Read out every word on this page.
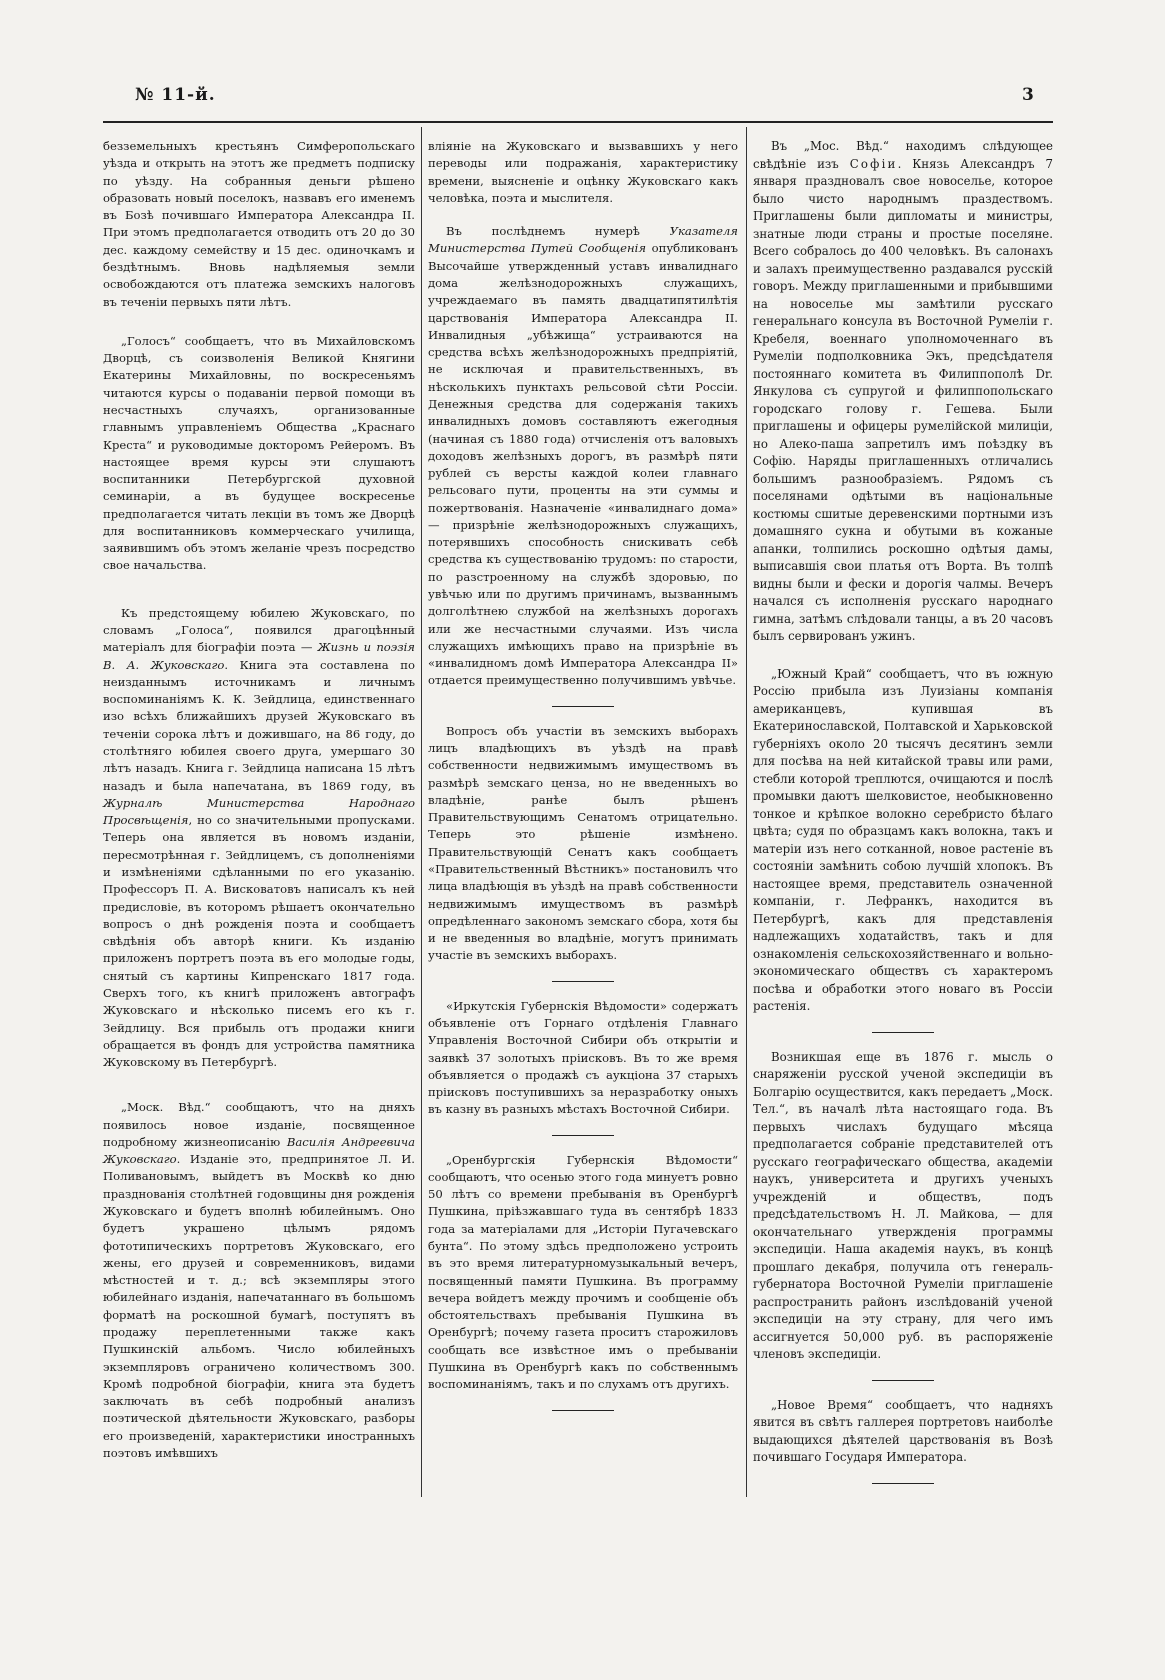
№ 11-й.	3

безземельныхъ крестьянъ Симферопольскаго уѣзда и открыть на этотъ же предметъ подписку по уѣзду. На собранныя деньги рѣшено образовать новый поселокъ, назвавъ его именемъ въ Бозѣ почившаго Императора Александра II. При этомъ предполагается отводить отъ 20 до 30 дес. каждому семейству и 15 дес. одиночкамъ и бездѣтнымъ. Вновь надѣляемыя земли освобождаются отъ платежа земскихъ налоговъ въ теченіи первыхъ пяти лѣтъ.

„Голосъ“ сообщаетъ, что въ Михайловскомъ Дворцѣ, съ соизволенія Великой Княгини Екатерины Михайловны, по воскресеньямъ читаются курсы о подаваніи первой помощи въ несчастныхъ случаяхъ, организованные главнымъ управленіемъ Общества „Краснаго Креста“ и руководимые докторомъ Рейеромъ. Въ настоящее время курсы эти слушаютъ воспитанники Петербургской духовной семинаріи, а въ будущее воскресенье предполагается читать лекціи въ томъ же Дворцѣ для воспитанниковъ коммерческаго училища, заявившимъ объ этомъ желаніе чрезъ посредство свое начальства.

Къ предстоящему юбилею Жуковскаго, по словамъ „Голоса“, появился драгоцѣнный матеріалъ для біографіи поэта — Жизнь и поэзія В. А. Жуковскаго. Книга эта составлена по неизданнымъ источникамъ и личнымъ воспоминаніямъ К. К. Зейдлица, единственнаго изо всѣхъ ближайшихъ друзей Жуковскаго въ теченіи сорока лѣтъ и дожившаго, на 86 году, до столѣтняго юбилея своего друга, умершаго 30 лѣтъ назадъ. Книга г. Зейдлица написана 15 лѣтъ назадъ и была напечатана, въ 1869 году, въ Журналѣ Министерства Народнаго Просвѣщенія, но со значительными пропусками. Теперь она является въ новомъ изданіи, пересмотрѣнная г. Зейдлицемъ, съ дополненіями и измѣненіями сдѣланными по его указанію. Профессоръ П. А. Висковатовъ написалъ къ ней предисловіе, въ которомъ рѣшаетъ окончательно вопросъ о днѣ рожденія поэта и сообщаетъ свѣдѣнія объ авторѣ книги. Къ изданію приложенъ портретъ поэта въ его молодые годы, снятый съ картины Кипренскаго 1817 года. Сверхъ того, къ книгѣ приложенъ автографъ Жуковскаго и нѣсколько писемъ его къ г. Зейдлицу. Вся прибыль отъ продажи книги обращается въ фондъ для устройства памятника Жуковскому въ Петербургѣ.

„Моск. Вѣд.“ сообщаютъ, что на дняхъ появилось новое изданіе, посвященное подробному жизнеописанію Василія Андреевича Жуковскаго. Изданіе это, предпринятое Л. И. Поливановымъ, выйдетъ въ Москвѣ ко дню празднованія столѣтней годовщины дня рожденія Жуковскаго и будетъ вполнѣ юбилейнымъ. Оно будетъ украшено цѣлымъ рядомъ фототипическихъ портретовъ Жуковскаго, его жены, его друзей и современниковъ, видами мѣстностей и т. д.; всѣ экземпляры этого юбилейнаго изданія, напечатаннаго въ большомъ форматѣ на роскошной бумагѣ, поступятъ въ продажу переплетенными также какъ Пушкинскій альбомъ. Число юбилейныхъ экземпляровъ ограничено количествомъ 300. Кромѣ подробной біографіи, книга эта будетъ заключать въ себѣ подробный анализъ поэтической дѣятельности Жуковскаго, разборы его произведеній, характеристики иностранныхъ поэтовъ имѣвшихъ

вліяніе на Жуковскаго и вызвавшихъ у него переводы или подражанія, характеристику времени, выясненіе и оцѣнку Жуковскаго какъ человѣка, поэта и мыслителя.

Въ послѣднемъ нумерѣ Указателя Министерства Путей Сообщенія опубликованъ Высочайше утвержденный уставъ инвалиднаго дома желѣзнодорожныхъ служащихъ, учреждаемаго въ память двадцатипятилѣтія царствованія Императора Александра II. Инвалидныя „убѣжища“ устраиваются на средства всѣхъ желѣзнодорожныхъ предпріятій, не исключая и правительственныхъ, въ нѣсколькихъ пунктахъ рельсовой сѣти Россіи. Денежныя средства для содержанія такихъ инвалидныхъ домовъ составляютъ ежегодныя (начиная съ 1880 года) отчисленія отъ валовыхъ доходовъ желѣзныхъ дорогъ, въ размѣрѣ пяти рублей съ версты каждой колеи главнаго рельсоваго пути, проценты на эти суммы и пожертвованія. Назначеніе «инвалиднаго дома» — призрѣніе желѣзнодорожныхъ служащихъ, потерявшихъ способность снискивать себѣ средства къ существованію трудомъ: по старости, по разстроенному на службѣ здоровью, по увѣчью или по другимъ причинамъ, вызваннымъ долголѣтнею службой на желѣзныхъ дорогахъ или же несчастными случаями. Изъ числа служащихъ имѣющихъ право на призрѣніе въ «инвалидномъ домѣ Императора Александра II» отдается преимущественно получившимъ увѣчье.

Вопросъ объ участіи въ земскихъ выборахъ лицъ владѣющихъ въ уѣздѣ на правѣ собственности недвижимымъ имуществомъ въ размѣрѣ земскаго ценза, но не введенныхъ во владѣніе, ранѣе былъ рѣшенъ Правительствующимъ Сенатомъ отрицательно. Теперь это рѣшеніе измѣнено. Правительствующій Сенатъ какъ сообщаетъ «Правительственный Вѣстникъ» постановилъ что лица владѣющія въ уѣздѣ на правѣ собственности недвижимымъ имуществомъ въ размѣрѣ опредѣленнаго закономъ земскаго сбора, хотя бы и не введенныя во владѣніе, могутъ принимать участіе въ земскихъ выборахъ.

«Иркутскія Губернскія Вѣдомости» содержатъ объявленіе отъ Горнаго отдѣленія Главнаго Управленія Восточной Сибири объ открытіи и заявкѣ 37 золотыхъ пріисковъ. Въ то же время объявляется о продажѣ съ аукціона 37 старыхъ пріисковъ поступившихъ за неразработку оныхъ въ казну въ разныхъ мѣстахъ Восточной Сибири.

„Оренбургскія Губернскія Вѣдомости“ сообщаютъ, что осенью этого года минуетъ ровно 50 лѣтъ со времени пребыванія въ Оренбургѣ Пушкина, пріѣзжавшаго туда въ сентябрѣ 1833 года за матеріалами для „Исторіи Пугачевскаго бунта“. По этому здѣсь предположено устроить въ это время литературномузыкальный вечеръ, посвященный памяти Пушкина. Въ программу вечера войдетъ между прочимъ и сообщеніе объ обстоятельствахъ пребыванія Пушкина въ Оренбургѣ; почему газета проситъ старожиловъ сообщать все извѣстное имъ о пребываніи Пушкина въ Оренбургѣ какъ по собственнымъ воспоминаніямъ, такъ и по слухамъ отъ другихъ.

Въ „Мос. Вѣд.“ находимъ слѣдующее свѣдѣніе изъ Софіи. Князь Александръ 7 января праздновалъ свое новоселье, которое было чисто народнымъ праздествомъ. Приглашены были дипломаты и министры, знатные люди страны и простые поселяне. Всего собралось до 400 человѣкъ. Въ салонахъ и залахъ преимущественно раздавался русскій говоръ. Между приглашенными и прибывшими на новоселье мы замѣтили русскаго генеральнаго консула въ Восточной Румеліи г. Кребеля, военнаго уполномоченнаго въ Румеліи подполковника Экъ, предсѣдателя постояннаго комитета въ Филиппополѣ Dr. Янкулова съ супругой и филиппопольскаго городскаго голову г. Гешева. Были приглашены и офицеры румелійской милиціи, но Алеко-паша запретилъ имъ поѣздку въ Софію. Наряды приглашенныхъ отличались большимъ разнообразіемъ. Рядомъ съ поселянами одѣтыми въ національные костюмы сшитые деревенскими портными изъ домашняго сукна и обутыми въ кожаные апанки, толпились роскошно одѣтыя дамы, выписавшія свои платья отъ Ворта. Въ толпѣ видны были и фески и дорогія чалмы. Вечеръ начался съ исполненія русскаго народнаго гимна, затѣмъ слѣдовали танцы, а въ 20 часовъ былъ сервированъ ужинъ.

„Южный Край“ сообщаетъ, что въ южную Россію прибыла изъ Луизіаны компанія американцевъ, купившая въ Екатеринославской, Полтавской и Харьковской губерніяхъ около 20 тысячъ десятинъ земли для посѣва на ней китайской травы или рами, стебли которой треплются, очищаются и послѣ промывки даютъ шелковистое, необыкновенно тонкое и крѣпкое волокно серебристо бѣлаго цвѣта; судя по образцамъ какъ волокна, такъ и матеріи изъ него сотканной, новое растеніе въ состояніи замѣнить собою лучшій хлопокъ. Въ настоящее время, представитель означенной компаніи, г. Лефранкъ, находится въ Петербургѣ, какъ для представленія надлежащихъ ходатайствъ, такъ и для ознакомленія сельскохозяйственнаго и вольно-экономическаго обществъ съ характеромъ посѣва и обработки этого новаго въ Россіи растенія.

Возникшая еще въ 1876 г. мысль о снаряженіи русской ученой экспедиціи въ Болгарію осуществится, какъ передаетъ „Моск. Тел.“, въ началѣ лѣта настоящаго года. Въ первыхъ числахъ будущаго мѣсяца предполагается собраніе представителей отъ русскаго географическаго общества, академіи наукъ, университета и другихъ ученыхъ учрежденій и обществъ, подъ предсѣдательствомъ Н. Л. Майкова, — для окончательнаго утвержденія программы экспедиціи. Наша академія наукъ, въ концѣ прошлаго декабря, получила отъ генераль-губернатора Восточной Румеліи приглашеніе распространить районъ изслѣдованій ученой экспедиціи на эту страну, для чего имъ ассигнуется 50,000 руб. въ распоряженіе членовъ экспедиціи.

„Новое Время“ сообщаетъ, что надняхъ явится въ свѣтъ галлерея портретовъ наиболѣе выдающихся дѣятелей царствованія въ Возѣ почившаго Государя Императора.
